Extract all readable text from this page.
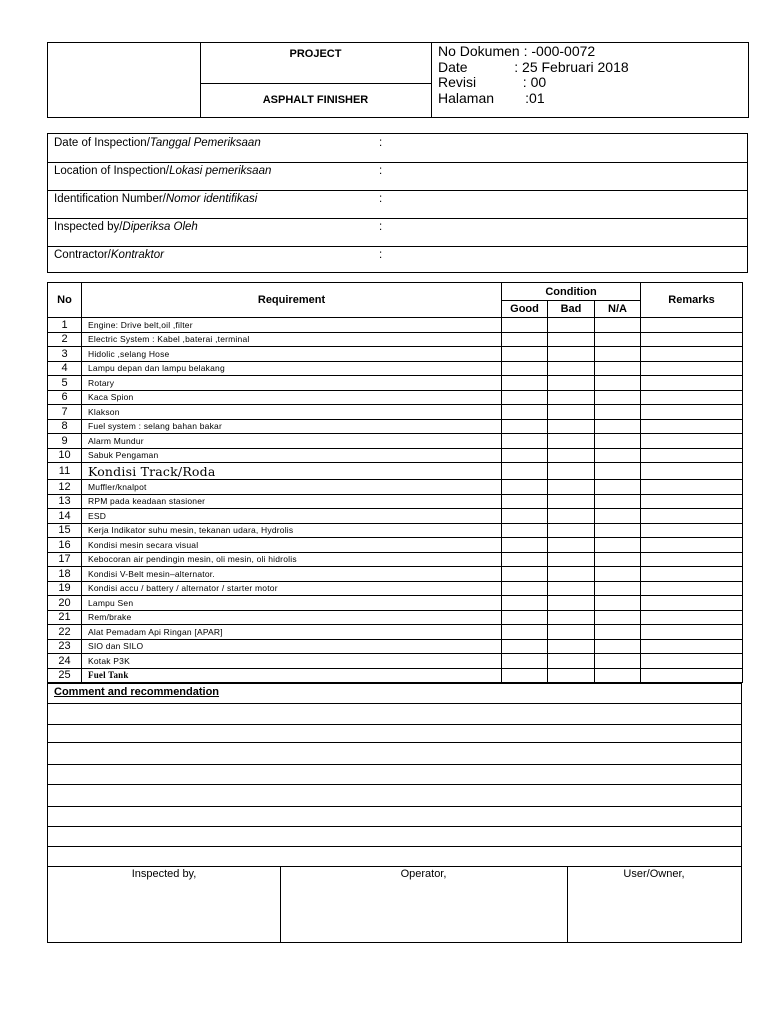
PROJECT
ASPHALT FINISHER
No Dokumen : -000-0072
Date            : 25 Februari 2018
Revisi            : 00
Halaman        :01
Date of Inspection/Tanggal Pemeriksaan	:
Location of Inspection/Lokasi pemeriksaan	:
Identification Number/Nomor identifikasi	:
Inspected by/Diperiksa Oleh	:
Contractor/Kontraktor	:
No	Requirement	Condition			Remarks
		Good	Bad	N/A	
1	Engine: Drive belt,oil ,filter				
2	Electric System : Kabel ,baterai ,terminal				
3	Hidolic ,selang Hose				
4	Lampu depan dan lampu belakang				
5	Rotary				
6	Kaca Spion				
7	Klakson				
8	Fuel system : selang bahan bakar				
9	Alarm Mundur				
10	Sabuk Pengaman				
11	Kondisi Track/Roda				
12	Muffler/knalpot				
13	RPM pada keadaan stasioner				
14	ESD				
15	Kerja Indikator suhu mesin, tekanan udara, Hydrolis				
16	Kondisi mesin secara visual				
17	Kebocoran air pendingin mesin, oli mesin, oli hidrolis				
18	Kondisi V-Belt mesin–alternator.				
19	Kondisi accu / battery / alternator / starter motor				
20	Lampu Sen				
21	Rem/brake				
22	Alat Pemadam Api Ringan [APAR]				
23	SIO dan SILO				
24	Kotak P3K				
25	Fuel Tank				
Comment and recommendation
Inspected by,	Operator,	User/Owner,
